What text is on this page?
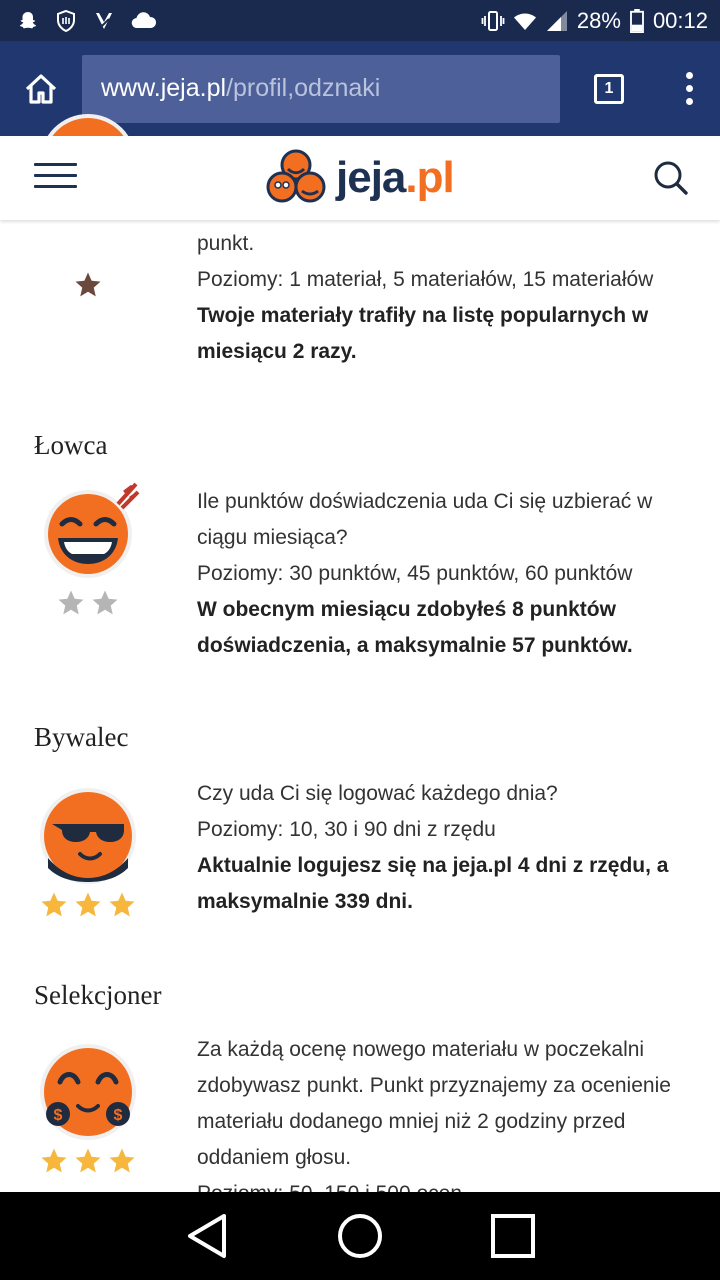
28% 00:12
www.jeja.pl /profil,odznaki	1
punkt.
Poziomy: 1 materiał, 5 materiałów, 15 materiałów
Twoje materiały trafiły na listę popularnych w miesiącu 2 razy.
Łowca
Ile punktów doświadczenia uda Ci się uzbierać w ciągu miesiąca?
Poziomy: 30 punktów, 45 punktów, 60 punktów
W obecnym miesiącu zdobyłeś 8 punktów doświadczenia, a maksymalnie 57 punktów.
Bywalec
Czy uda Ci się logować każdego dnia?
Poziomy: 10, 30 i 90 dni z rzędu
Aktualnie logujesz się na jeja.pl 4 dni z rzędu, a maksymalnie 339 dni.
Selekcjoner
$	$
Za każdą ocenę nowego materiału w poczekalni zdobywasz punkt. Punkt przyznajemy za ocenienie materiału dodanego mniej niż 2 godziny przed oddaniem głosu.
jeja.pl
